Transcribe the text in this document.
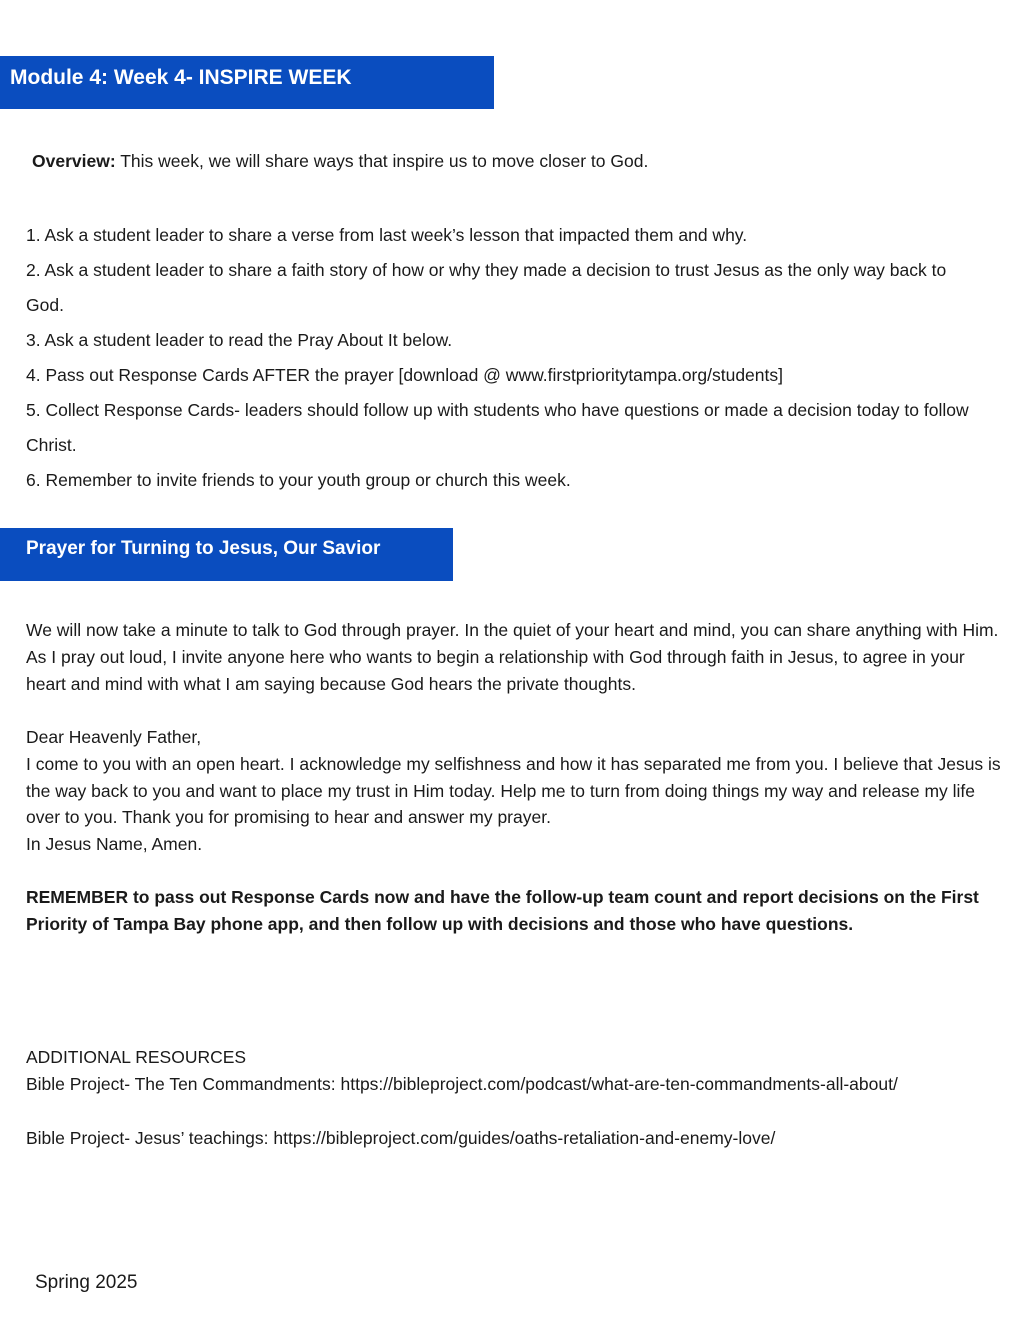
Module 4: Week 4- INSPIRE WEEK
Overview: This week, we will share ways that inspire us to move closer to God.
1. Ask a student leader to share a verse from last week’s lesson that impacted them and why.
2. Ask a student leader to share a faith story of how or why they made a decision to trust Jesus as the only way back to God.
3. Ask a student leader to read the Pray About It below.
4. Pass out Response Cards AFTER the prayer [download @ www.firstprioritytampa.org/students]
5. Collect Response Cards- leaders should follow up with students who have questions or made a decision today to follow Christ.
6. Remember to invite friends to your youth group or church this week.
Prayer for Turning to Jesus, Our Savior

We will now take a minute to talk to God through prayer. In the quiet of your heart and mind, you can share anything with Him. As I pray out loud, I invite anyone here who wants to begin a relationship with God through faith in Jesus, to agree in your heart and mind with what I am saying because God hears the private thoughts.

Dear Heavenly Father,

I come to you with an open heart. I acknowledge my selfishness and how it has separated me from you. I believe that Jesus is the way back to you and want to place my trust in Him today. Help me to turn from doing things my way and release my life over to you. Thank you for promising to hear and answer my prayer.

In Jesus Name, Amen.

REMEMBER to pass out Response Cards now and have the follow-up team count and report decisions on the First Priority of Tampa Bay phone app, and then follow up with decisions and those who have questions.

ADDITIONAL RESOURCES

Bible Project- The Ten Commandments: https://bibleproject.com/podcast/what-are-ten-commandments-all-about/

Bible Project- Jesus’ teachings: https://bibleproject.com/guides/oaths-retaliation-and-enemy-love/

Spring 2025
